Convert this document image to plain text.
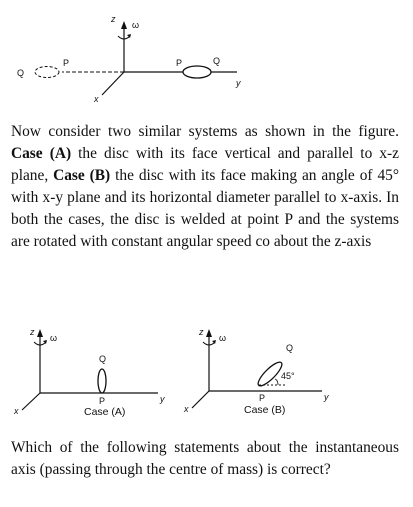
z
ω
y
x
P
Q
P	Q

Now consider two similar systems as shown in the figure. Case (A) the disc with its face vertical and parallel to x-z plane, Case (B) the disc with its face making an angle of 45° with x-y plane and its horizontal diameter parallel to x-axis. In both the cases, the disc is welded at point P and the systems are rotated with constant angular speed co about the z-axis

z
ω
y
x
Q
P
Case (A)
z
ω
y
x
45°
Q
P
Case (B)

Which of the following statements about the instantaneous axis (passing through the centre of mass) is correct?
